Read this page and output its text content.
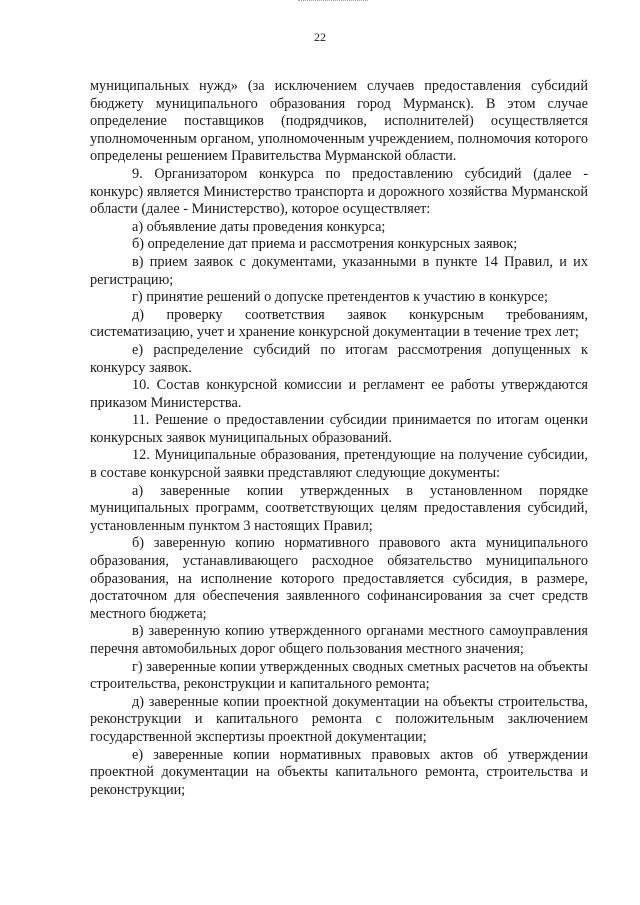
22

муниципальных нужд» (за исключением случаев предоставления субсидий бюджету муниципального образования город Мурманск). В этом случае определение поставщиков (подрядчиков, исполнителей) осуществляется уполномоченным органом, уполномоченным учреждением, полномочия которого определены решением Правительства Мурманской области.

9. Организатором конкурса по предоставлению субсидий (далее - конкурс) является Министерство транспорта и дорожного хозяйства Мурманской области (далее - Министерство), которое осуществляет:

а) объявление даты проведения конкурса;

б) определение дат приема и рассмотрения конкурсных заявок;

в) прием заявок с документами, указанными в пункте 14 Правил, и их регистрацию;

г) принятие решений о допуске претендентов к участию в конкурсе;

д) проверку соответствия заявок конкурсным требованиям, систематизацию, учет и хранение конкурсной документации в течение трех лет;

е) распределение субсидий по итогам рассмотрения допущенных к конкурсу заявок.

10. Состав конкурсной комиссии и регламент ее работы утверждаются приказом Министерства.

11. Решение о предоставлении субсидии принимается по итогам оценки конкурсных заявок муниципальных образований.

12. Муниципальные образования, претендующие на получение субсидии, в составе конкурсной заявки представляют следующие документы:

а) заверенные копии утвержденных в установленном порядке муниципальных программ, соответствующих целям предоставления субсидий, установленным пунктом 3 настоящих Правил;

б) заверенную копию нормативного правового акта муниципального образования, устанавливающего расходное обязательство муниципального образования, на исполнение которого предоставляется субсидия, в размере, достаточном для обеспечения заявленного софинансирования за счет средств местного бюджета;

в) заверенную копию утвержденного органами местного самоуправления перечня автомобильных дорог общего пользования местного значения;

г) заверенные копии утвержденных сводных сметных расчетов на объекты строительства, реконструкции и капитального ремонта;

д) заверенные копии проектной документации на объекты строительства, реконструкции и капитального ремонта с положительным заключением государственной экспертизы проектной документации;

е) заверенные копии нормативных правовых актов об утверждении проектной документации на объекты капитального ремонта, строительства и реконструкции;
